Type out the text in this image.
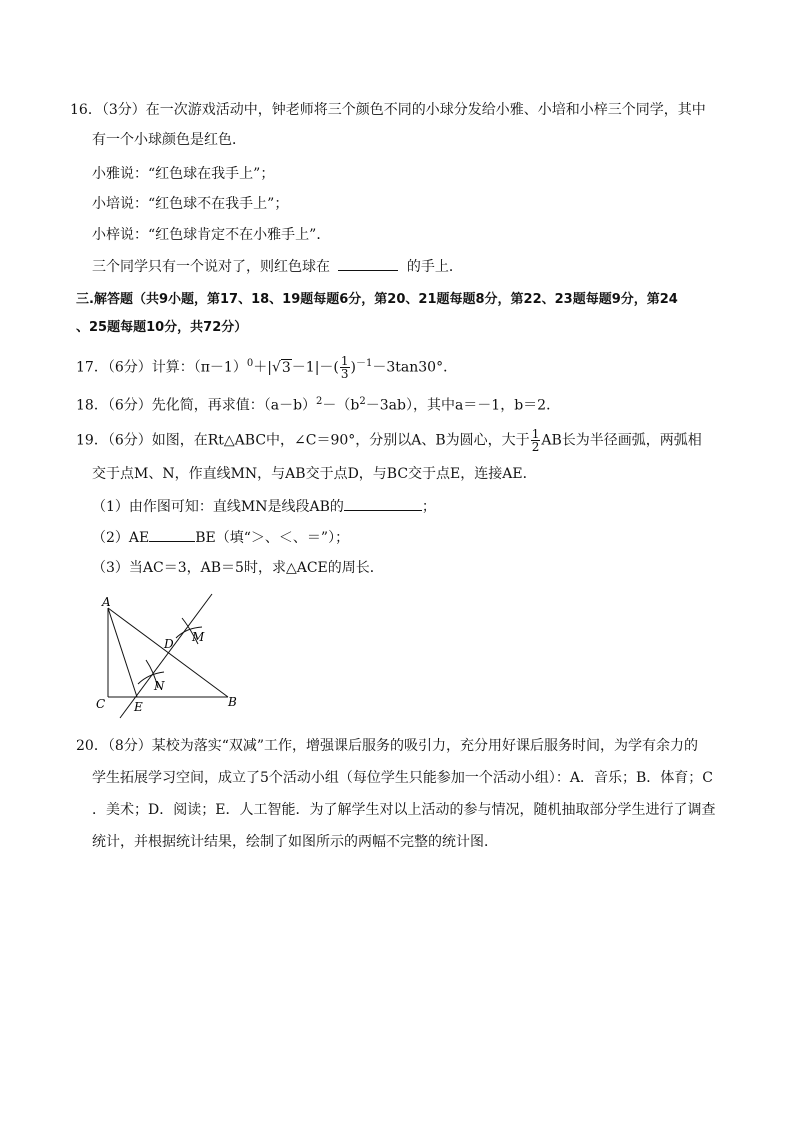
16．（3分）在一次游戏活动中，钟老师将三个颜色不同的小球分发给小雅、小培和小梓三个同学，其中
有一个小球颜色是红色．
小雅说：“红色球在我手上”；
小培说：“红色球不在我手上”；
小梓说：“红色球肯定不在小雅手上”．
三个同学只有一个说对了，则红色球在	的手上．
三.解答题（共9小题，第17、18、19题每题6分，第20、21题每题8分，第22、23题每题9分，第24
、25题每题10分，共72分）
17．（6分）计算：$(\pi-1)^0+|√3-1|-( \frac{1}{3} )^{-1}-3\tan 30^\circ$．
18．（6分）先化简，再求值：$(a-b)^2-(b^2-3ab)$，其中a＝－1，b＝2．
19．（6分）如图，在Rt△ABC中，∠C＝90°，分别以A、B为圆心，大于 $\frac{1}{2}$ AB长为半径画弧，两弧相
交于点M、N，作直线MN，与AB交于点D，与BC交于点E，连接AE．
（1）由作图可知：直线MN是线段AB的	；
（2）AE	BE（填“＞、＜、＝”）；
（3）当AC＝3，AB＝5时，求△ACE的周长．
A
M
D
N
C E	B
20．（8分）某校为落实“双减”工作，增强课后服务的吸引力，充分用好课后服务时间，为学有余力的
学生拓展学习空间，成立了5个活动小组（每位学生只能参加一个活动小组）：A．音乐；B．体育；C
．美术；D．阅读；E．人工智能．为了解学生对以上活动的参与情况，随机抽取部分学生进行了调查
统计，并根据统计结果，绘制了如图所示的两幅不完整的统计图．
